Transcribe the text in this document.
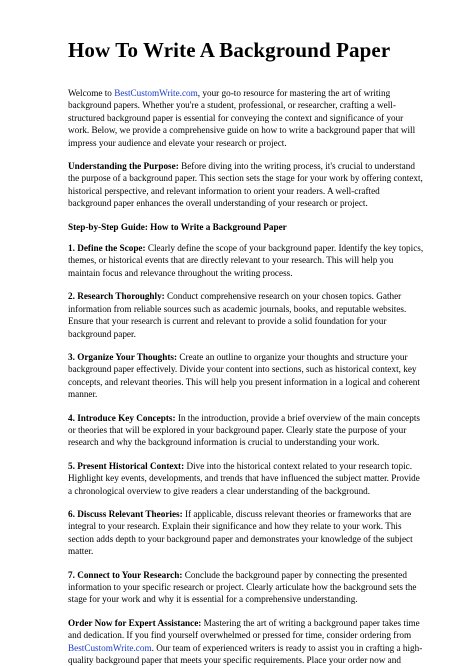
How To Write A Background Paper

Welcome to BestCustomWrite.com, your go-to resource for mastering the art of writing background papers. Whether you're a student, professional, or researcher, crafting a well-structured background paper is essential for conveying the context and significance of your work. Below, we provide a comprehensive guide on how to write a background paper that will impress your audience and elevate your research or project.

Understanding the Purpose: Before diving into the writing process, it's crucial to understand the purpose of a background paper. This section sets the stage for your work by offering context, historical perspective, and relevant information to orient your readers. A well-crafted background paper enhances the overall understanding of your research or project.

Step-by-Step Guide: How to Write a Background Paper

1. Define the Scope: Clearly define the scope of your background paper. Identify the key topics, themes, or historical events that are directly relevant to your research. This will help you maintain focus and relevance throughout the writing process.

2. Research Thoroughly: Conduct comprehensive research on your chosen topics. Gather information from reliable sources such as academic journals, books, and reputable websites. Ensure that your research is current and relevant to provide a solid foundation for your background paper.

3. Organize Your Thoughts: Create an outline to organize your thoughts and structure your background paper effectively. Divide your content into sections, such as historical context, key concepts, and relevant theories. This will help you present information in a logical and coherent manner.

4. Introduce Key Concepts: In the introduction, provide a brief overview of the main concepts or theories that will be explored in your background paper. Clearly state the purpose of your research and why the background information is crucial to understanding your work.

5. Present Historical Context: Dive into the historical context related to your research topic. Highlight key events, developments, and trends that have influenced the subject matter. Provide a chronological overview to give readers a clear understanding of the background.

6. Discuss Relevant Theories: If applicable, discuss relevant theories or frameworks that are integral to your research. Explain their significance and how they relate to your work. This section adds depth to your background paper and demonstrates your knowledge of the subject matter.

7. Connect to Your Research: Conclude the background paper by connecting the presented information to your specific research or project. Clearly articulate how the background sets the stage for your work and why it is essential for a comprehensive understanding.

Order Now for Expert Assistance: Mastering the art of writing a background paper takes time and dedication. If you find yourself overwhelmed or pressed for time, consider ordering from BestCustomWrite.com. Our team of experienced writers is ready to assist you in crafting a high-quality background paper that meets your specific requirements. Place your order now and
